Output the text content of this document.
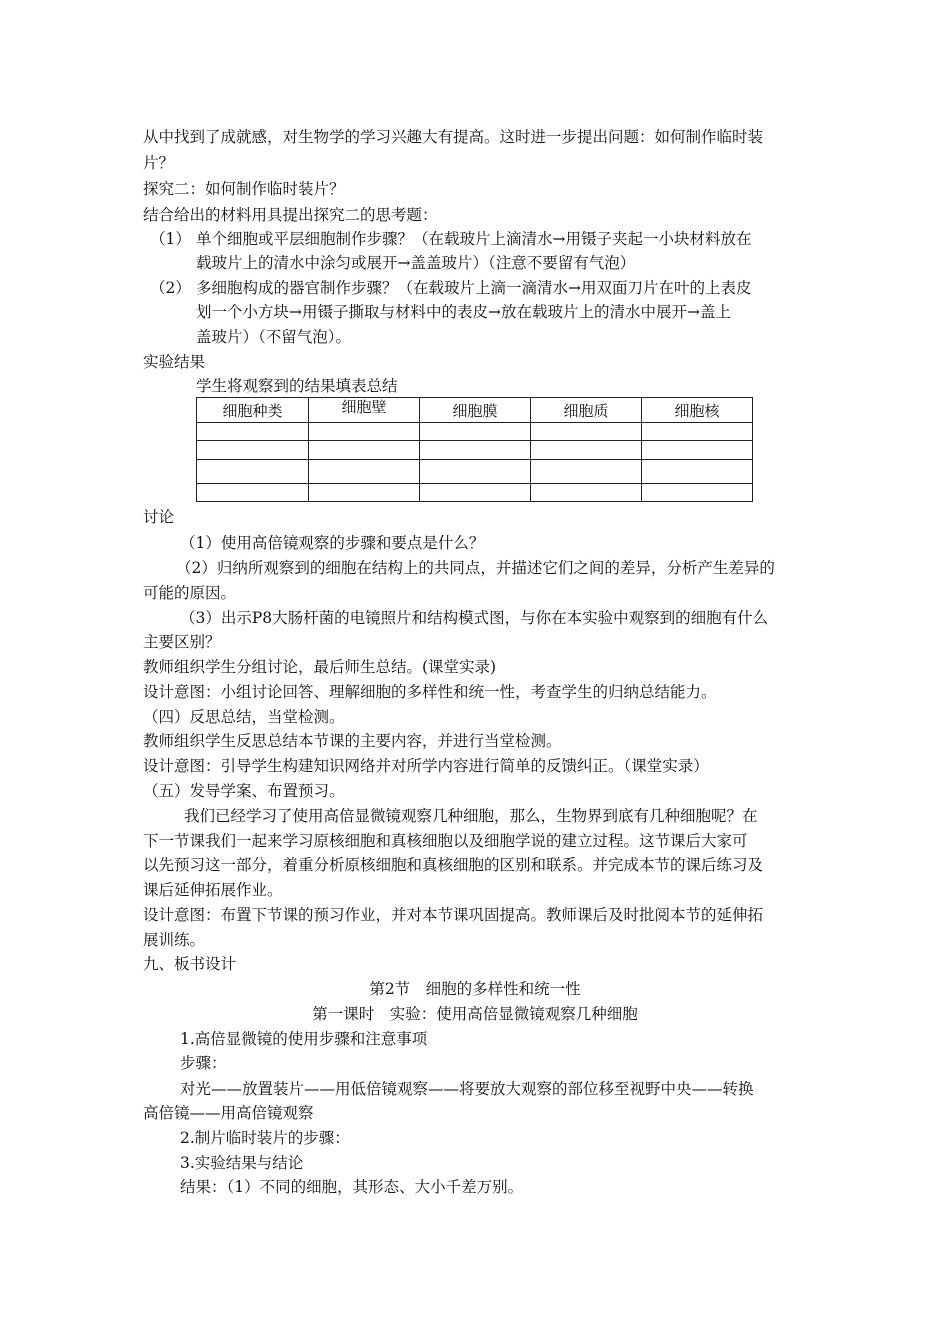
从中找到了成就感，对生物学的学习兴趣大有提高。这时进一步提出问题：如何制作临时装
片？
探究二：如何制作临时装片？
结合给出的材料用具提出探究二的思考题：
（1） 单个细胞或平层细胞制作步骤？（在载玻片上滴清水→用镊子夹起一小块材料放在
载玻片上的清水中涂匀或展开→盖盖玻片）（注意不要留有气泡）
（2） 多细胞构成的器官制作步骤？（在载玻片上滴一滴清水→用双面刀片在叶的上表皮
划一个小方块→用镊子撕取与材料中的表皮→放在载玻片上的清水中展开→盖上
盖玻片）（不留气泡）。
实验结果
学生将观察到的结果填表总结
细胞种类	细胞壁	细胞膜	细胞质	细胞核

讨论
（1）使用高倍镜观察的步骤和要点是什么？
（2）归纳所观察到的细胞在结构上的共同点，并描述它们之间的差异，分析产生差异的
可能的原因。
（3）出示P8大肠杆菌的电镜照片和结构模式图，与你在本实验中观察到的细胞有什么
主要区别？
教师组织学生分组讨论，最后师生总结。(课堂实录)
设计意图：小组讨论回答、理解细胞的多样性和统一性，考查学生的归纳总结能力。
（四）反思总结，当堂检测。
教师组织学生反思总结本节课的主要内容，并进行当堂检测。
设计意图：引导学生构建知识网络并对所学内容进行简单的反馈纠正。（课堂实录）
（五）发导学案、布置预习。
我们已经学习了使用高倍显微镜观察几种细胞，那么，生物界到底有几种细胞呢？在
下一节课我们一起来学习原核细胞和真核细胞以及细胞学说的建立过程。这节课后大家可
以先预习这一部分，着重分析原核细胞和真核细胞的区别和联系。并完成本节的课后练习及
课后延伸拓展作业。
设计意图：布置下节课的预习作业，并对本节课巩固提高。教师课后及时批阅本节的延伸拓
展训练。
九、板书设计
第2节　细胞的多样性和统一性
第一课时　实验：使用高倍显微镜观察几种细胞
1.高倍显微镜的使用步骤和注意事项
步骤：
对光——放置装片——用低倍镜观察——将要放大观察的部位移至视野中央——转换
高倍镜——用高倍镜观察
2.制片临时装片的步骤：
3.实验结果与结论
结果：（1）不同的细胞，其形态、大小千差万别。
